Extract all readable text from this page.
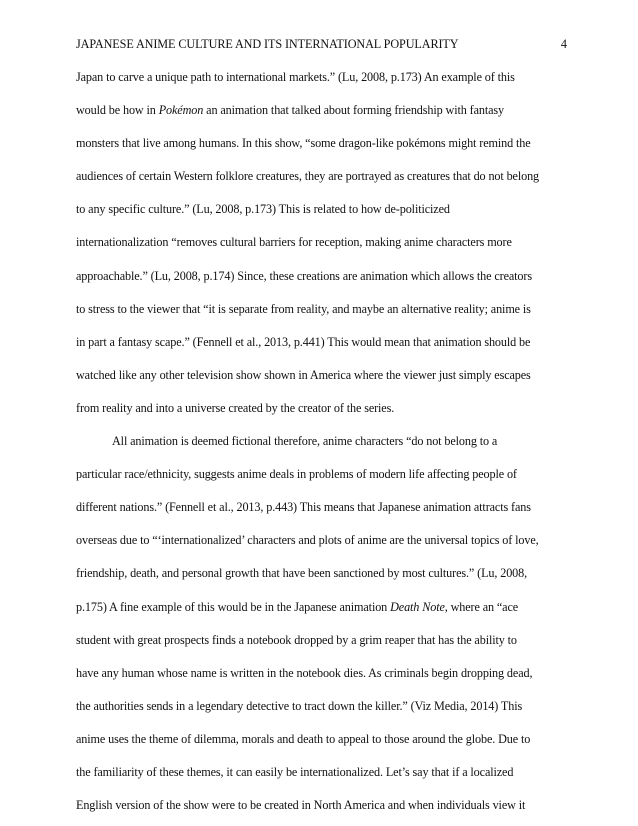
JAPANESE ANIME CULTURE AND ITS INTERNATIONAL POPULARITY	4
Japan to carve a unique path to international markets.” (Lu, 2008, p.173) An example of this
would be how in Pokémon an animation that talked about forming friendship with fantasy
monsters that live among humans. In this show, “some dragon-like pokémons might remind the
audiences of certain Western folklore creatures, they are portrayed as creatures that do not belong
to any specific culture.” (Lu, 2008, p.173) This is related to how de-politicized
internationalization “removes cultural barriers for reception, making anime characters more
approachable.” (Lu, 2008, p.174) Since, these creations are animation which allows the creators
to stress to the viewer that “it is separate from reality, and maybe an alternative reality; anime is
in part a fantasy scape.” (Fennell et al., 2013, p.441) This would mean that animation should be
watched like any other television show shown in America where the viewer just simply escapes
from reality and into a universe created by the creator of the series.
All animation is deemed fictional therefore, anime characters “do not belong to a
particular race/ethnicity, suggests anime deals in problems of modern life affecting people of
different nations.” (Fennell et al., 2013, p.443) This means that Japanese animation attracts fans
overseas due to “‘internationalized’ characters and plots of anime are the universal topics of love,
friendship, death, and personal growth that have been sanctioned by most cultures.” (Lu, 2008,
p.175) A fine example of this would be in the Japanese animation Death Note, where an “ace
student with great prospects finds a notebook dropped by a grim reaper that has the ability to
have any human whose name is written in the notebook dies. As criminals begin dropping dead,
the authorities sends in a legendary detective to tract down the killer.” (Viz Media, 2014) This
anime uses the theme of dilemma, morals and death to appeal to those around the globe. Due to
the familiarity of these themes, it can easily be internationalized. Let’s say that if a localized
English version of the show were to be created in North America and when individuals view it
